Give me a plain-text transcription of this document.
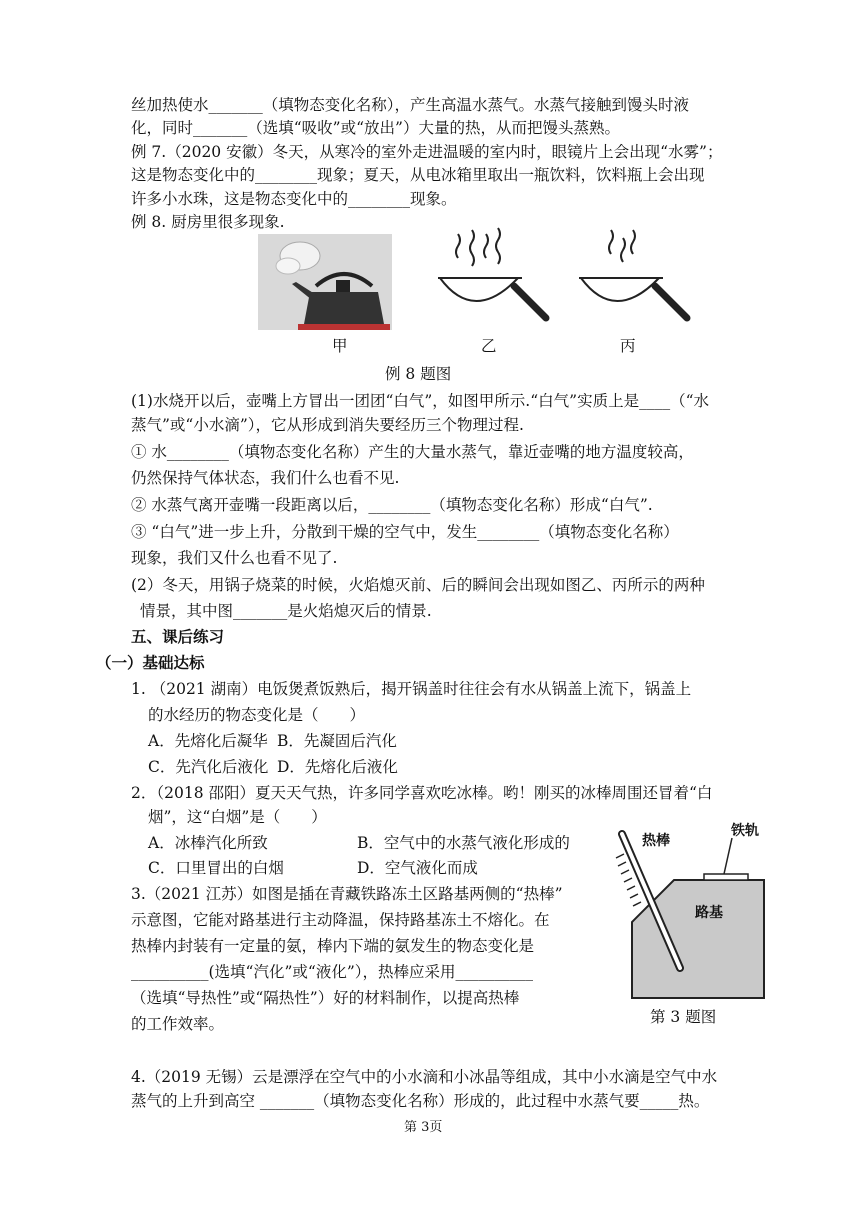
丝加热使水_______（填物态变化名称），产生高温水蒸气。水蒸气接触到馒头时液
化，同时_______（选填“吸收”或“放出”）大量的热，从而把馒头蒸熟。
例 7.（2020 安徽）冬天，从寒冷的室外走进温暖的室内时，眼镜片上会出现“水雾”；
这是物态变化中的________现象；夏天，从电冰箱里取出一瓶饮料，饮料瓶上会出现
许多小水珠，这是物态变化中的________现象。
例 8. 厨房里很多现象.
甲	乙	丙
例 8 题图
(1)水烧开以后，壶嘴上方冒出一团团“白气”，如图甲所示.“白气”实质上是____（“水
蒸气”或“小水滴”），它从形成到消失要经历三个物理过程.
① 水________（填物态变化名称）产生的大量水蒸气，靠近壶嘴的地方温度较高，
仍然保持气体状态，我们什么也看不见.
② 水蒸气离开壶嘴一段距离以后，________（填物态变化名称）形成“白气”.
③ “白气”进一步上升，分散到干燥的空气中，发生________（填物态变化名称）
现象，我们又什么也看不见了.
(2）冬天，用锅子烧菜的时候，火焰熄灭前、后的瞬间会出现如图乙、丙所示的两种
情景，其中图_______是火焰熄灭后的情景.
五、课后练习
（一）基础达标
1. （2021 湖南）电饭煲煮饭熟后，揭开锅盖时往往会有水从锅盖上流下，锅盖上
的水经历的物态变化是（　　）
A．先熔化后凝华 B．先凝固后汽化
C．先汽化后液化 D．先熔化后液化
2．（2018 邵阳）夏天天气热，许多同学喜欢吃冰棒。哟！刚买的冰棒周围还冒着“白
烟”，这“白烟”是（　　）
A．冰棒汽化所致	B．空气中的水蒸气液化形成的
C．口里冒出的白烟	D．空气液化而成
3.（2021 江苏）如图是插在青藏铁路冻土区路基两侧的“热棒”
示意图，它能对路基进行主动降温，保持路基冻土不熔化。在
热棒内封装有一定量的氨，棒内下端的氨发生的物态变化是
__________(选填“汽化”或“液化”），热棒应采用__________
（选填“导热性”或“隔热性”）好的材料制作，以提高热棒
的工作效率。
热棒
铁轨
路基
第 3 题图
4.（2019 无锡）云是漂浮在空气中的小水滴和小冰晶等组成，其中小水滴是空气中水
蒸气的上升到高空 _______（填物态变化名称）形成的，此过程中水蒸气要_____热。
第 3页
